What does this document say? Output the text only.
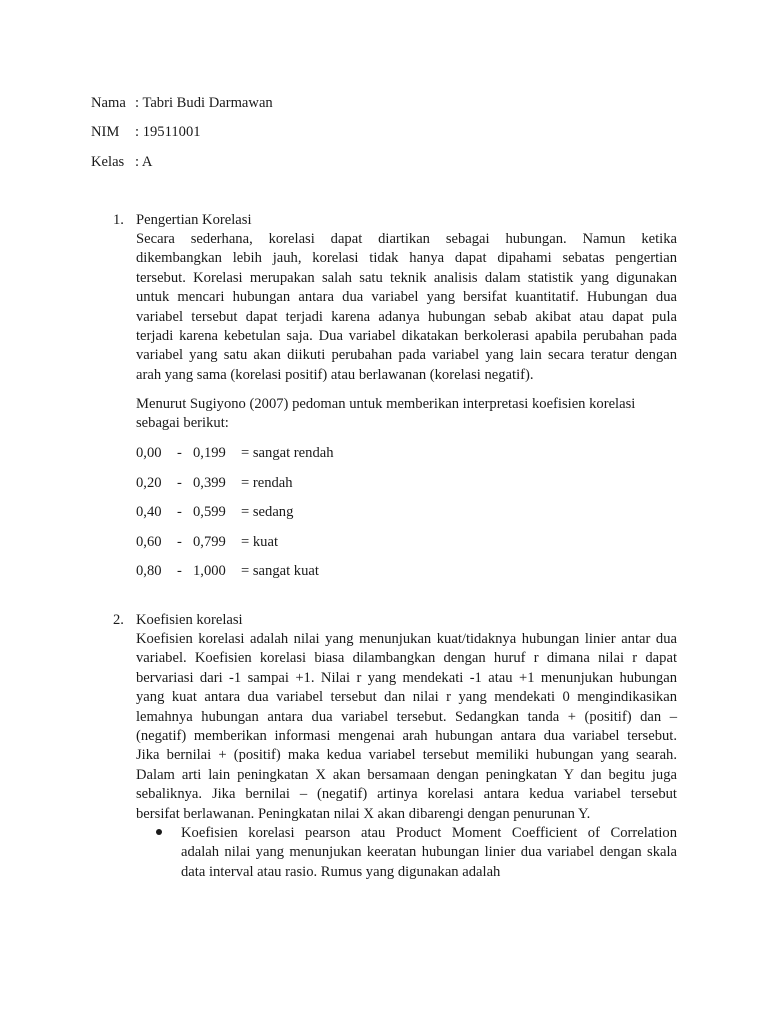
Nama : Tabri Budi Darmawan
NIM : 19511001
Kelas : A
1. Pengertian Korelasi
Secara sederhana, korelasi dapat diartikan sebagai hubungan. Namun ketika
dikembangkan lebih jauh, korelasi tidak hanya dapat dipahami sebatas pengertian
tersebut. Korelasi merupakan salah satu teknik analisis dalam statistik yang digunakan
untuk mencari hubungan antara dua variabel yang bersifat kuantitatif. Hubungan dua
variabel tersebut dapat terjadi karena adanya hubungan sebab akibat atau dapat pula
terjadi karena kebetulan saja. Dua variabel dikatakan berkolerasi apabila perubahan pada
variabel yang satu akan diikuti perubahan pada variabel yang lain secara teratur dengan
arah yang sama (korelasi positif) atau berlawanan (korelasi negatif).
Menurut Sugiyono (2007) pedoman untuk memberikan interpretasi koefisien korelasi
sebagai berikut:
0,00 - 0,199 = sangat rendah
0,20 - 0,399 = rendah
0,40 - 0,599 = sedang
0,60 - 0,799 = kuat
0,80 - 1,000 = sangat kuat
2. Koefisien korelasi
Koefisien korelasi adalah nilai yang menunjukan kuat/tidaknya hubungan linier antar dua
variabel. Koefisien korelasi biasa dilambangkan dengan huruf r dimana nilai r dapat
bervariasi dari -1 sampai +1. Nilai r yang mendekati -1 atau +1 menunjukan hubungan
yang kuat antara dua variabel tersebut dan nilai r yang mendekati 0 mengindikasikan
lemahnya hubungan antara dua variabel tersebut. Sedangkan tanda + (positif) dan –
(negatif) memberikan informasi mengenai arah hubungan antara dua variabel tersebut.
Jika bernilai + (positif) maka kedua variabel tersebut memiliki hubungan yang searah.
Dalam arti lain peningkatan X akan bersamaan dengan peningkatan Y dan begitu juga
sebaliknya. Jika bernilai – (negatif) artinya korelasi antara kedua variabel tersebut
bersifat berlawanan. Peningkatan nilai X akan dibarengi dengan penurunan Y.
Koefisien korelasi pearson atau Product Moment Coefficient of Correlation
adalah nilai yang menunjukan keeratan hubungan linier dua variabel dengan skala
data interval atau rasio. Rumus yang digunakan adalah
